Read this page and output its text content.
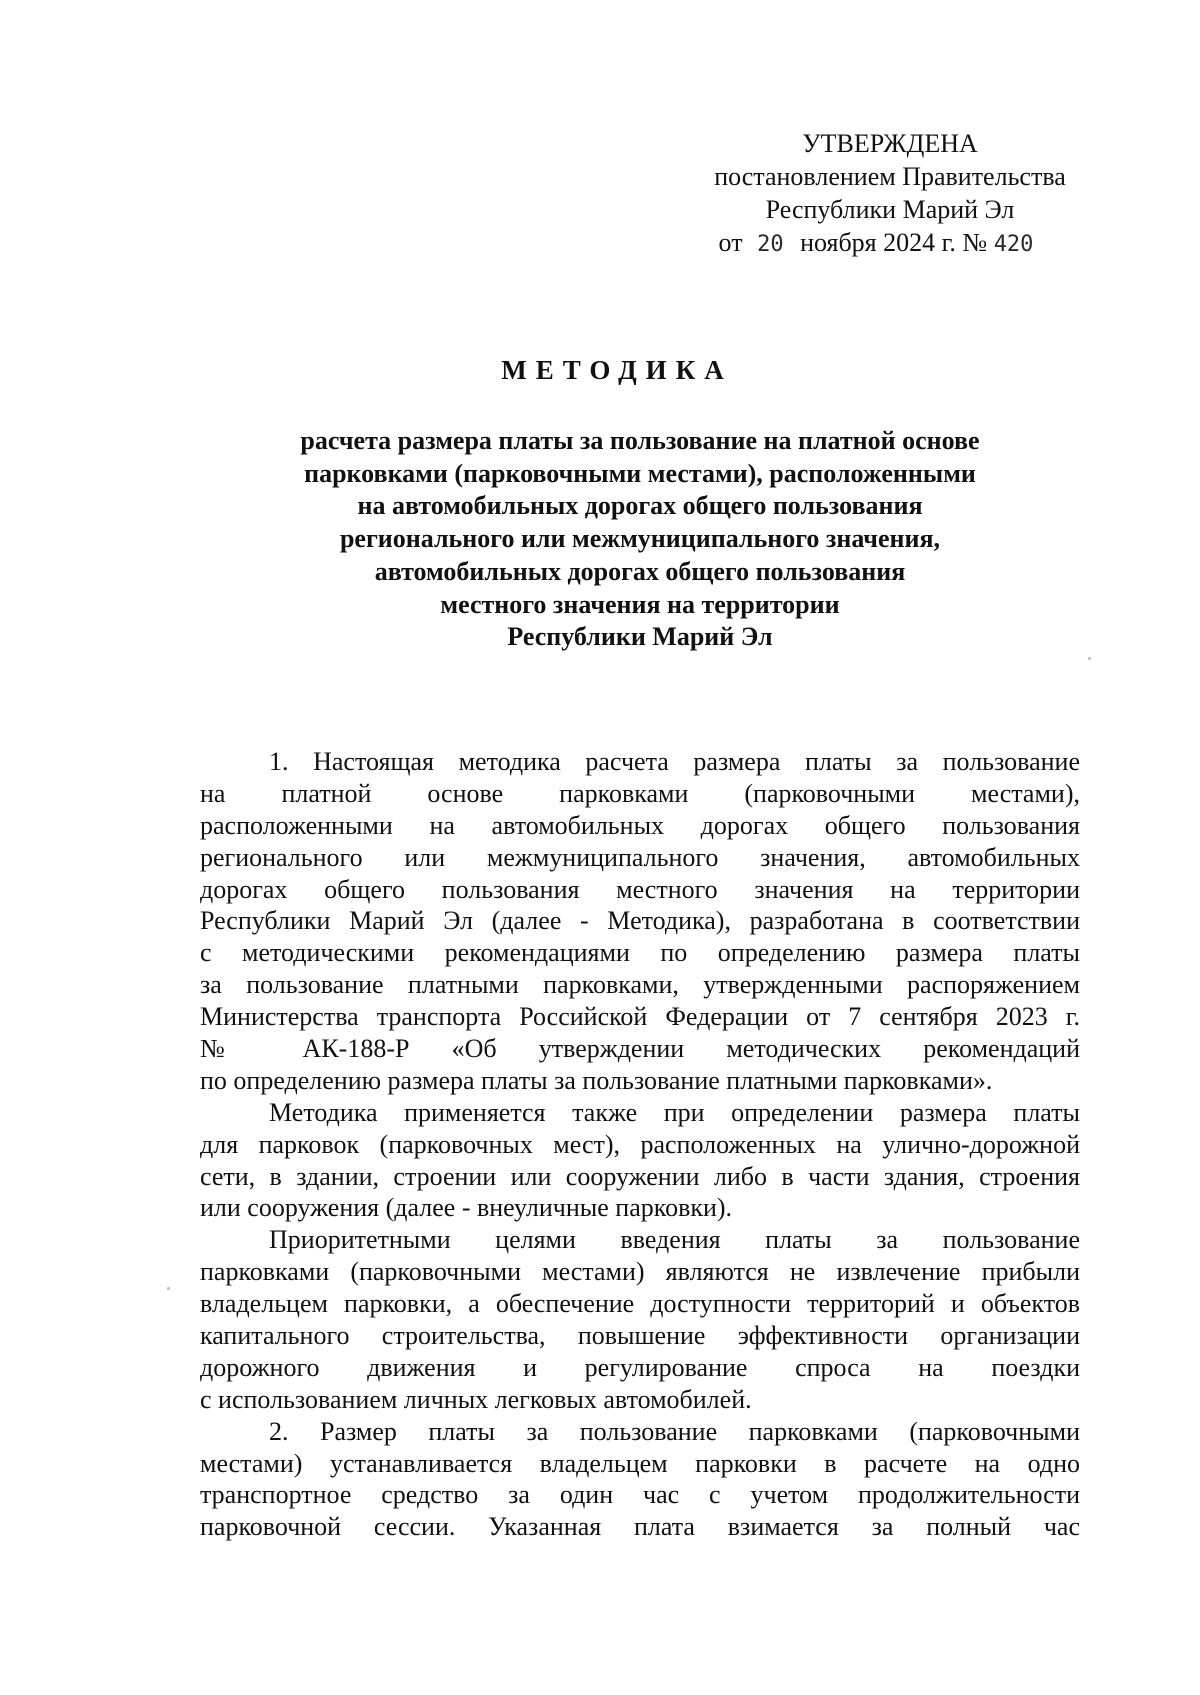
УТВЕРЖДЕНА
постановлением Правительства
Республики Марий Эл
от 20 ноября 2024 г. № 420
МЕТОДИКА
расчета размера платы за пользование на платной основе
парковками (парковочными местами), расположенными
на автомобильных дорогах общего пользования
регионального или межмуниципального значения,
автомобильных дорогах общего пользования
местного значения на территории
Республики Марий Эл
1. Настоящая методика расчета размера платы за пользование
на платной основе парковками (парковочными местами),
расположенными на автомобильных дорогах общего пользования
регионального или межмуниципального значения, автомобильных
дорогах общего пользования местного значения на территории
Республики Марий Эл (далее - Методика), разработана в соответствии
с методическими рекомендациями по определению размера платы
за пользование платными парковками, утвержденными распоряжением
Министерства транспорта Российской Федерации от 7 сентября 2023 г.
№ АК-188-Р «Об утверждении методических рекомендаций
по определению размера платы за пользование платными парковками».
Методика применяется также при определении размера платы
для парковок (парковочных мест), расположенных на улично-дорожной
сети, в здании, строении или сооружении либо в части здания, строения
или сооружения (далее - внеуличные парковки).
Приоритетными целями введения платы за пользование
парковками (парковочными местами) являются не извлечение прибыли
владельцем парковки, а обеспечение доступности территорий и объектов
капитального строительства, повышение эффективности организации
дорожного движения и регулирование спроса на поездки
с использованием личных легковых автомобилей.
2. Размер платы за пользование парковками (парковочными
местами) устанавливается владельцем парковки в расчете на одно
транспортное средство за один час с учетом продолжительности
парковочной сессии. Указанная плата взимается за полный час
